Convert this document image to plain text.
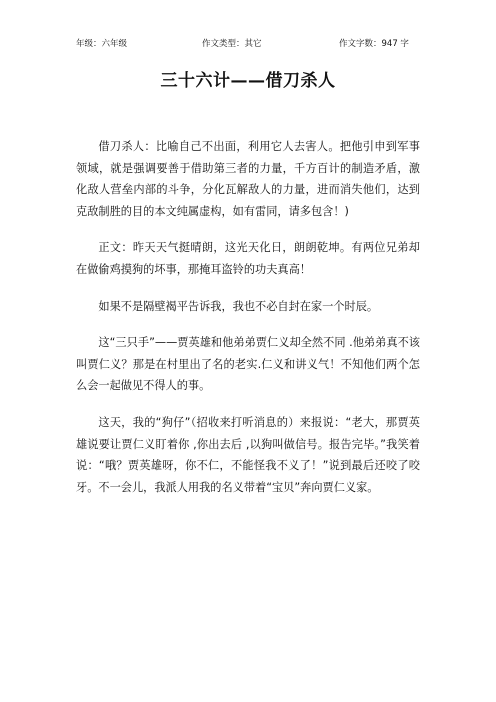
年级：六年级	作文类型：其它	作文字数：947 字
三十六计——借刀杀人

借刀杀人：比喻自己不出面，利用它人去害人。把他引申到军事领域，就是强调要善于借助第三者的力量，千方百计的制造矛盾，激化敌人营垒内部的斗争，分化瓦解敌人的力量，进而消失他们，达到克敌制胜的目的本文纯属虚构，如有雷同，请多包含！)

正文：昨天天气挺晴朗，这光天化日，朗朗乾坤。有两位兄弟却在做偷鸡摸狗的坏事，那掩耳盗铃的功夫真高！

如果不是隔壁褐平告诉我，我也不必自封在家一个时辰。

这“三只手”——贾英雄和他弟弟贾仁义却全然不同 .他弟弟真不该叫贾仁义？那是在村里出了名的老实.仁义和讲义气！不知他们两个怎么会一起做见不得人的事。

这天，我的“狗仔”（招收来打听消息的）来报说：“老大，那贾英雄说要让贾仁义盯着你 ,你出去后 ,以狗叫做信号。报告完毕。”我笑着说：“哦？贾英雄呀，你不仁，不能怪我不义了！”说到最后还咬了咬牙。不一会儿，我派人用我的名义带着“宝贝”奔向贾仁义家。
